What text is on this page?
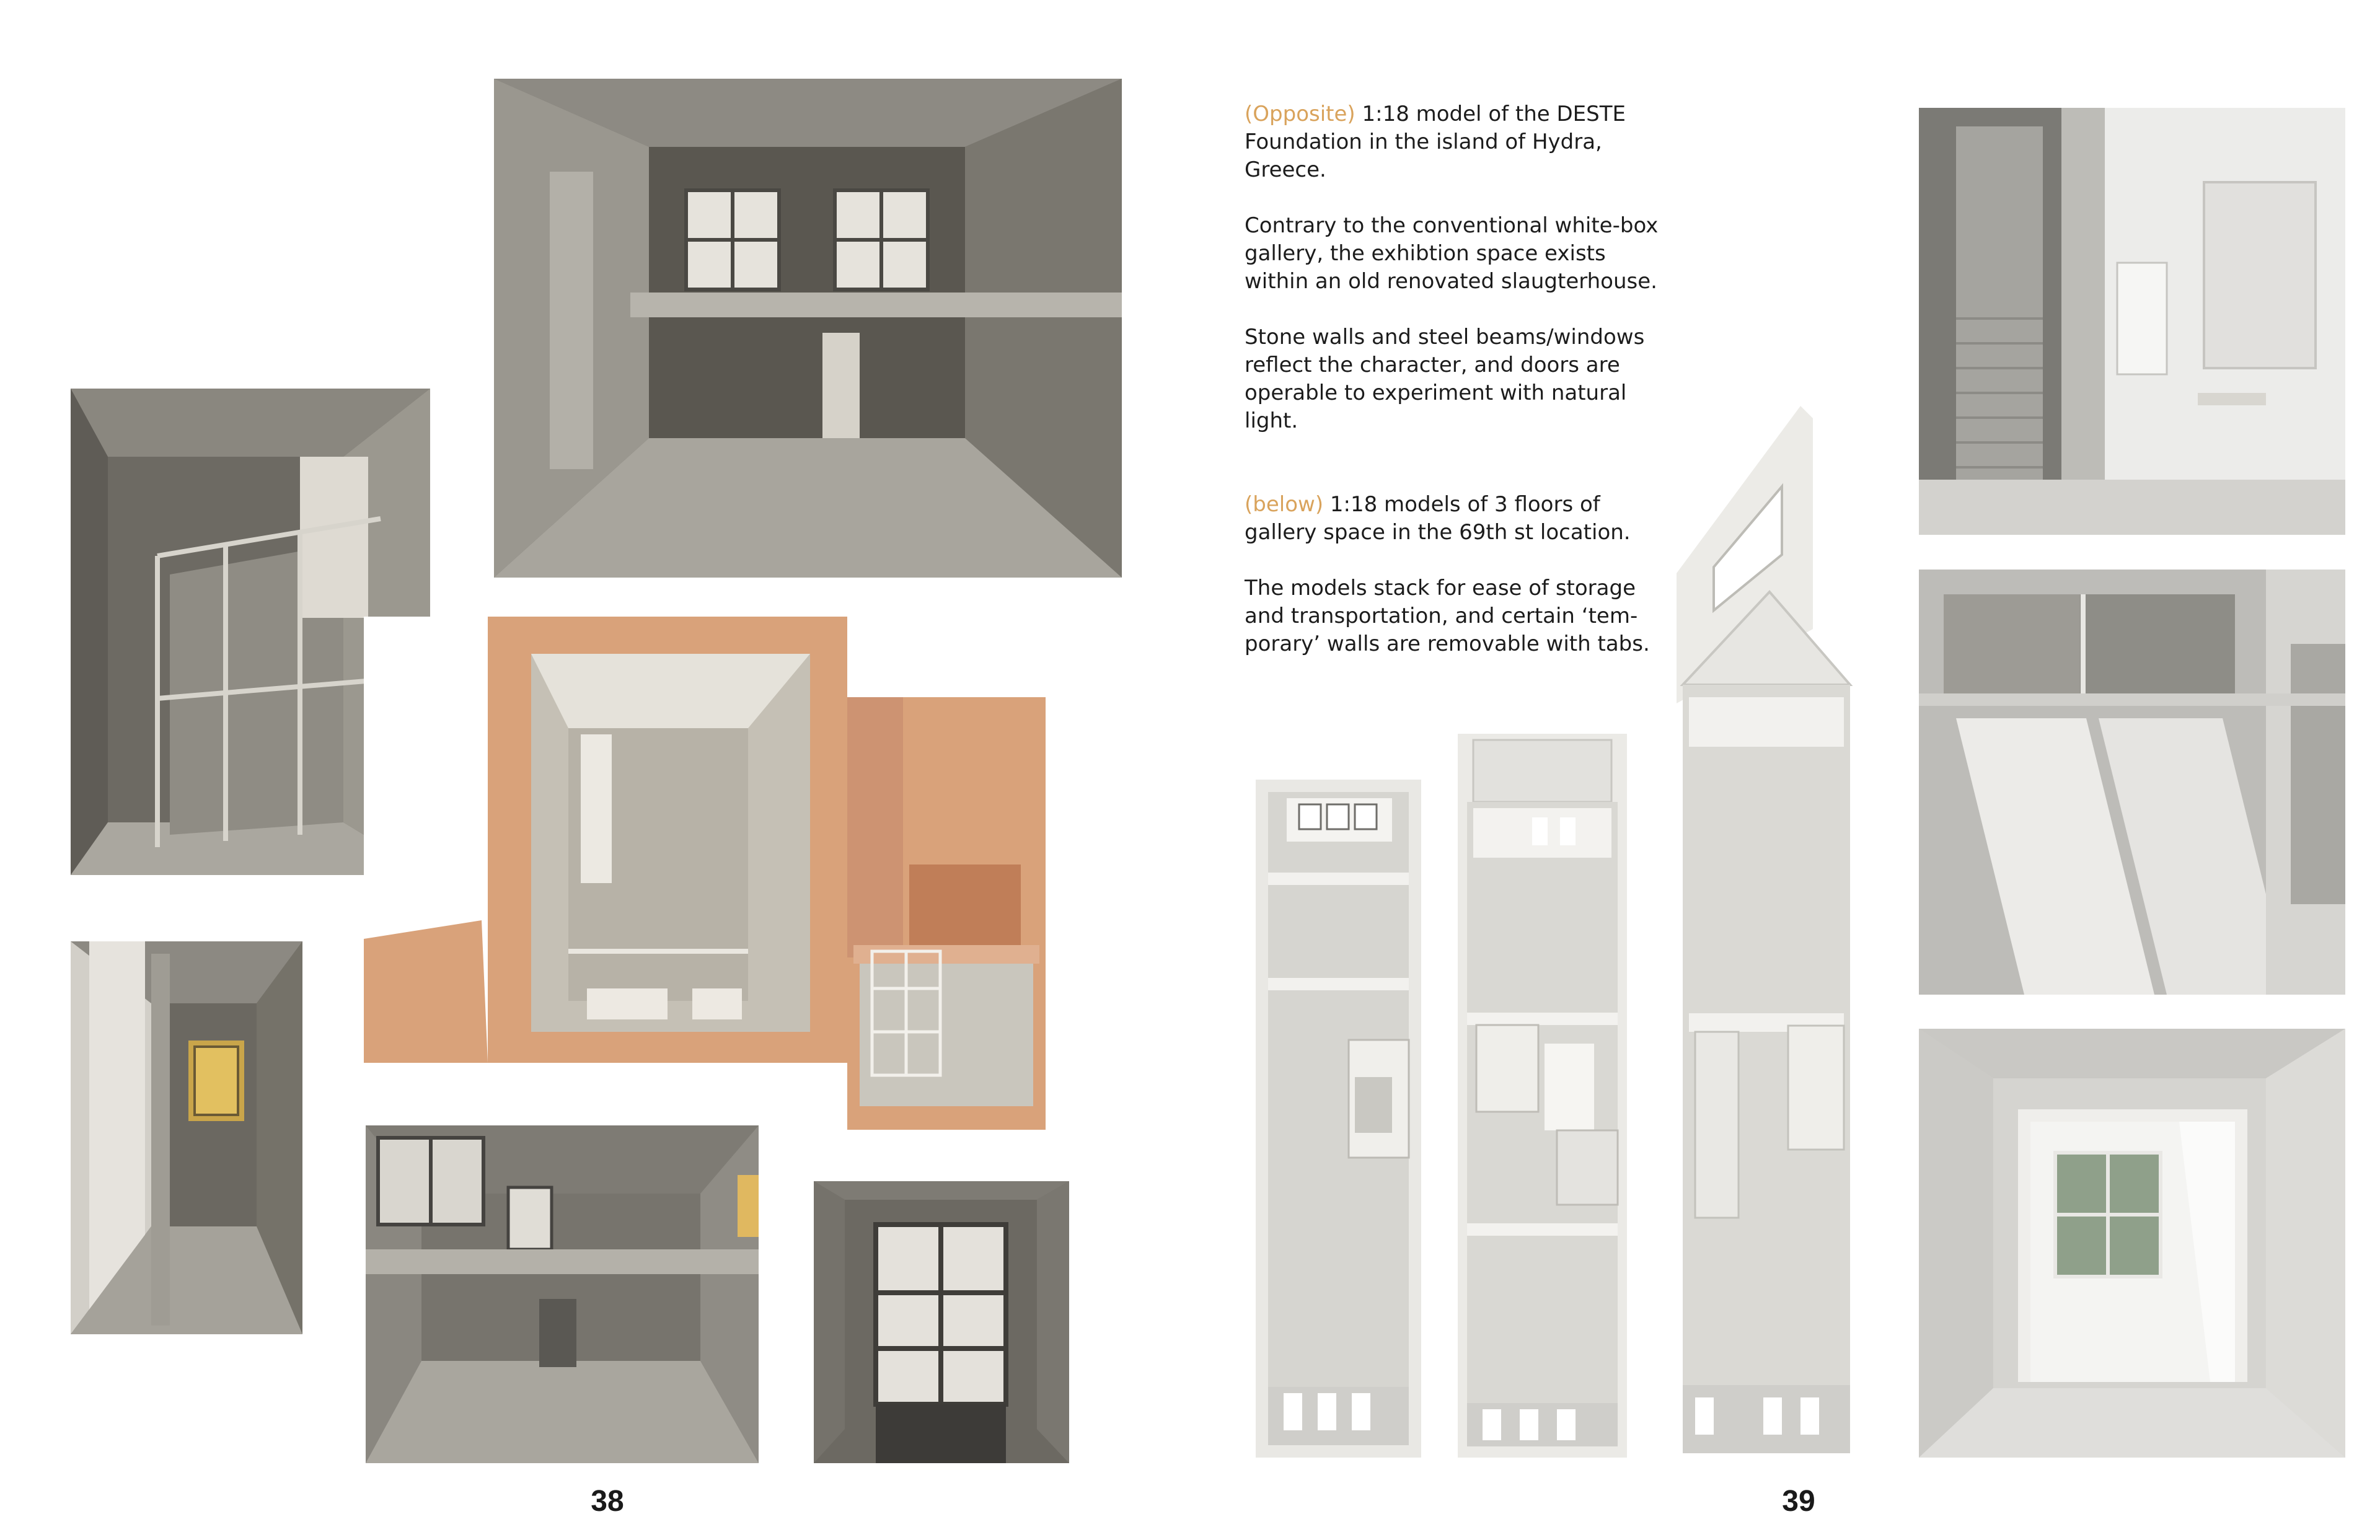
38

(Opposite) 1:18 model of the DESTE Foundation in the island of Hydra, Greece.

Contrary to the conventional white-box gallery, the exhibtion space exists within an old renovated slaugterhouse.

Stone walls and steel beams/windows reflect the character, and doors are operable to experiment with natural light.

(below) 1:18 models of 3 floors of gallery space in the 69th st location.

The models stack for ease of storage and transportation, and certain ‘tem-porary’ walls are removable with tabs.

39
